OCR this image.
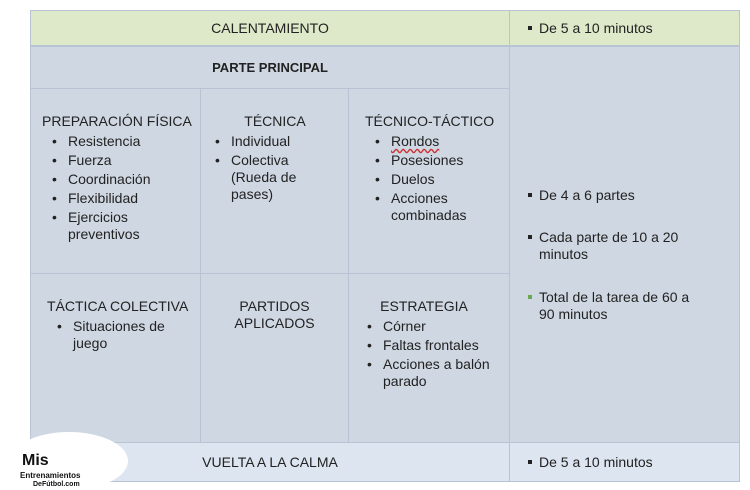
CALENTAMIENTO	De 5 a 10 minutos
PARTE PRINCIPAL
De 4 a 6 partes
Cada parte de 10 a 20 minutos
Total de la tarea de 60 a 90 minutos
PREPARACIÓN FÍSICA
• Resistencia
• Fuerza
• Coordinación
• Flexibilidad
• Ejercicios preventivos
TÉCNICA
• Individual
• Colectiva (Rueda de pases)
TÉCNICO-TÁCTICO
• Rondos
• Posesiones
• Duelos
• Acciones combinadas
TÁCTICA COLECTIVA
• Situaciones de juego
PARTIDOS
APLICADOS
ESTRATEGIA
• Córner
• Faltas frontales
• Acciones a balón parado
VUELTA A LA CALMA	De 5 a 10 minutos
Mis
Entrenamientos
DeFútbol.com
